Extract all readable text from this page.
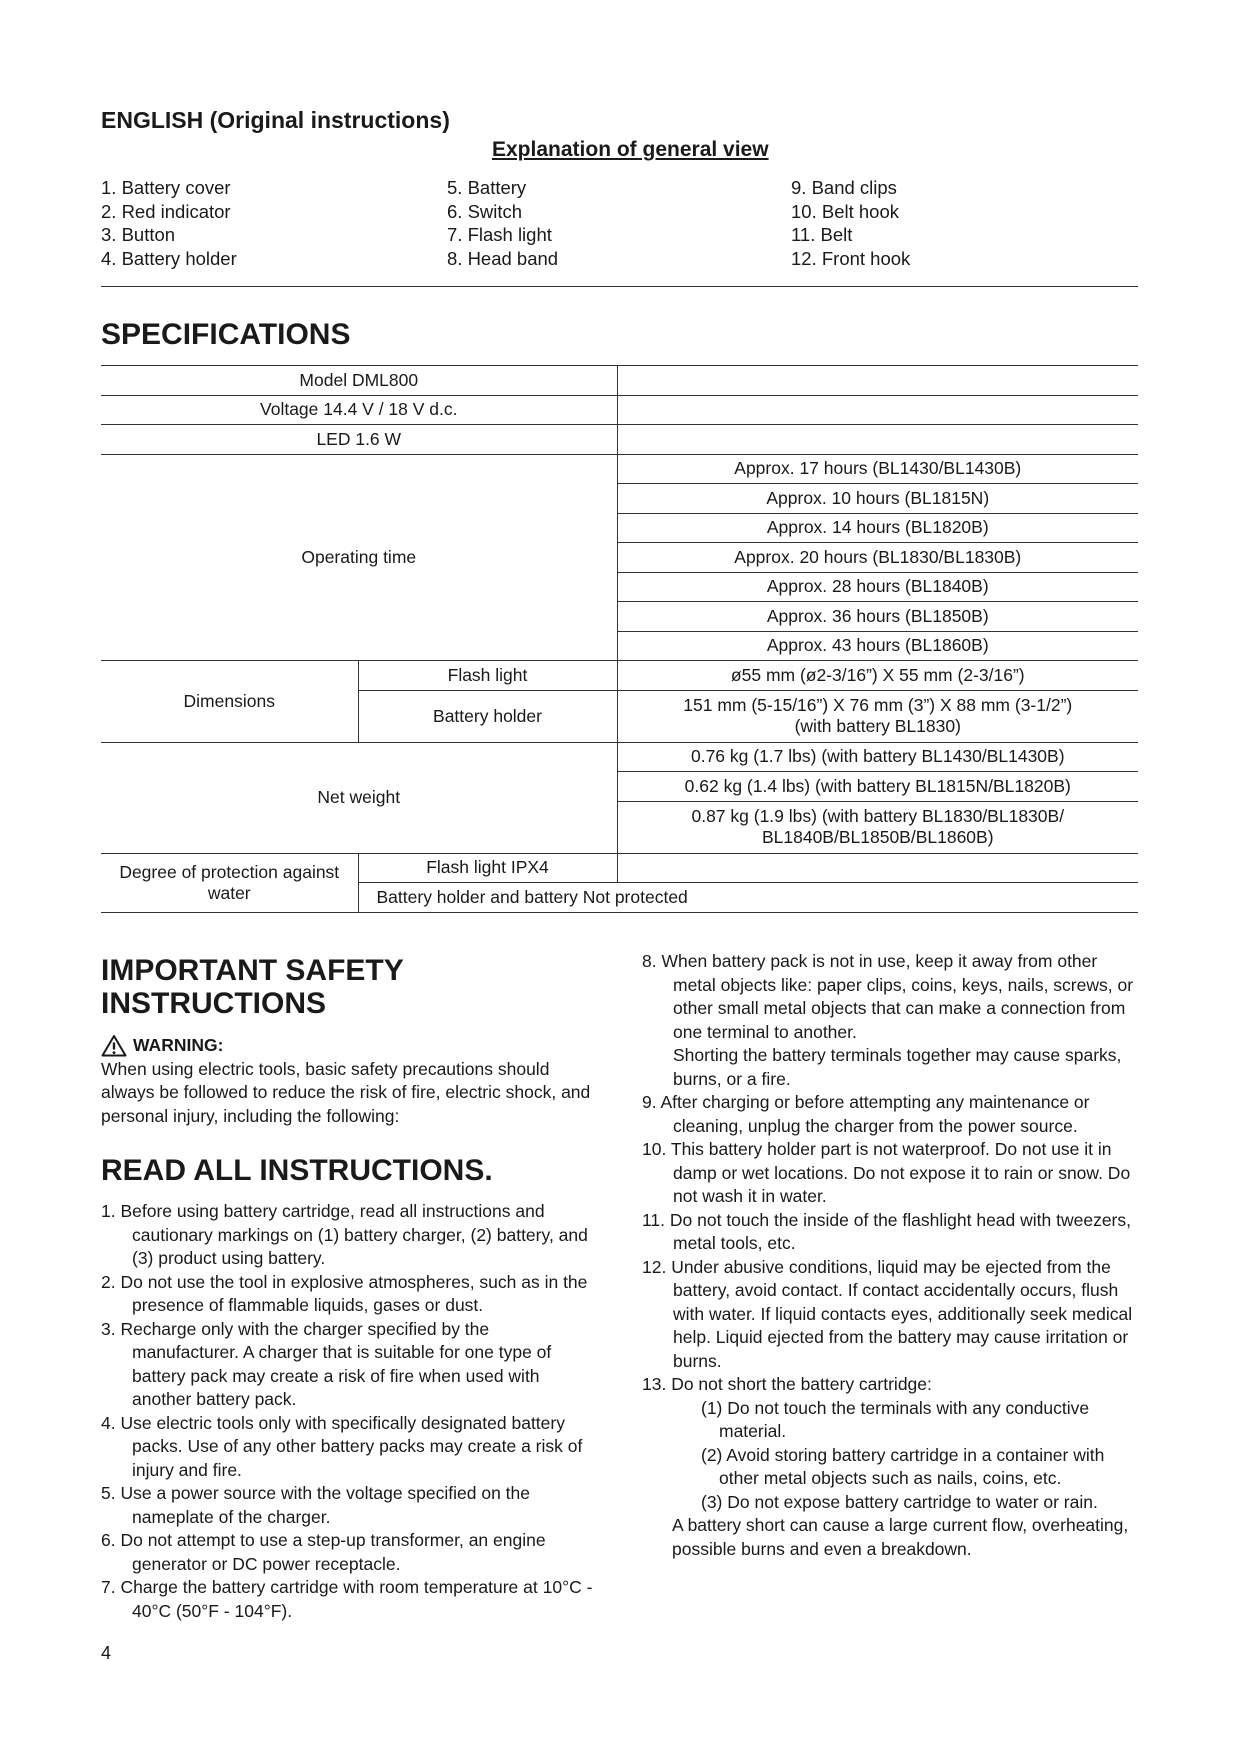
ENGLISH (Original instructions)
Explanation of general view
1. Battery cover
2. Red indicator
3. Button
4. Battery holder
5. Battery
6. Switch
7. Flash light
8. Head band
9. Band clips
10. Belt hook
11. Belt
12. Front hook
SPECIFICATIONS
Model DML800		
Voltage 14.4 V / 18 V d.c.		
LED 1.6 W		
Operating time		Approx. 17 hours (BL1430/BL1430B)
		Approx. 10 hours (BL1815N)
		Approx. 14 hours (BL1820B)
		Approx. 20 hours (BL1830/BL1830B)
		Approx. 28 hours (BL1840B)
		Approx. 36 hours (BL1850B)
		Approx. 43 hours (BL1860B)
Dimensions	Flash light	ø55 mm (ø2-3/16”) X 55 mm (2-3/16”)
	Battery holder	151 mm (5-15/16”) X 76 mm (3”) X 88 mm (3-1/2”)
(with battery BL1830)

Net weight		0.76 kg (1.7 lbs) (with battery BL1430/BL1430B)
		0.62 kg (1.4 lbs) (with battery BL1815N/BL1820B)

		0.87 kg (1.9 lbs) (with battery BL1830/BL1830B/
BL1840B/BL1850B/BL1860B)

Degree of protection against
water	Flash light IPX4	
	Battery holder and battery Not protected	
IMPORTANT SAFETY
INSTRUCTIONS
WARNING:

When using electric tools, basic safety precautions should always be followed to reduce the risk of fire, electric shock, and personal injury, including the following:

READ ALL INSTRUCTIONS.
1. Before using battery cartridge, read all instructions and cautionary markings on (1) battery charger, (2) battery, and (3) product using battery.
2. Do not use the tool in explosive atmospheres, such as in the presence of flammable liquids, gases or dust.
3. Recharge only with the charger specified by the manufacturer. A charger that is suitable for one type of battery pack may create a risk of fire when used with another battery pack.
4. Use electric tools only with specifically designated battery packs. Use of any other battery packs may create a risk of injury and fire.
5. Use a power source with the voltage specified on the nameplate of the charger.
6. Do not attempt to use a step-up transformer, an engine generator or DC power receptacle.
7. Charge the battery cartridge with room temperature at 10°C - 40°C (50°F - 104°F).
8. When battery pack is not in use, keep it away from other metal objects like: paper clips, coins, keys, nails, screws, or other small metal objects that can make a connection from one terminal to another.
Shorting the battery terminals together may cause sparks, burns, or a fire.
9. After charging or before attempting any maintenance or cleaning, unplug the charger from the power source.
10. This battery holder part is not waterproof. Do not use it in damp or wet locations. Do not expose it to rain or snow. Do not wash it in water.
11. Do not touch the inside of the flashlight head with tweezers, metal tools, etc.
12. Under abusive conditions, liquid may be ejected from the battery, avoid contact. If contact accidentally occurs, flush with water. If liquid contacts eyes, additionally seek medical help. Liquid ejected from the battery may cause irritation or burns.
13. Do not short the battery cartridge:
(1) Do not touch the terminals with any conductive material.
(2) Avoid storing battery cartridge in a container with other metal objects such as nails, coins, etc.
(3) Do not expose battery cartridge to water or rain.
A battery short can cause a large current flow, overheating, possible burns and even a breakdown.
4
